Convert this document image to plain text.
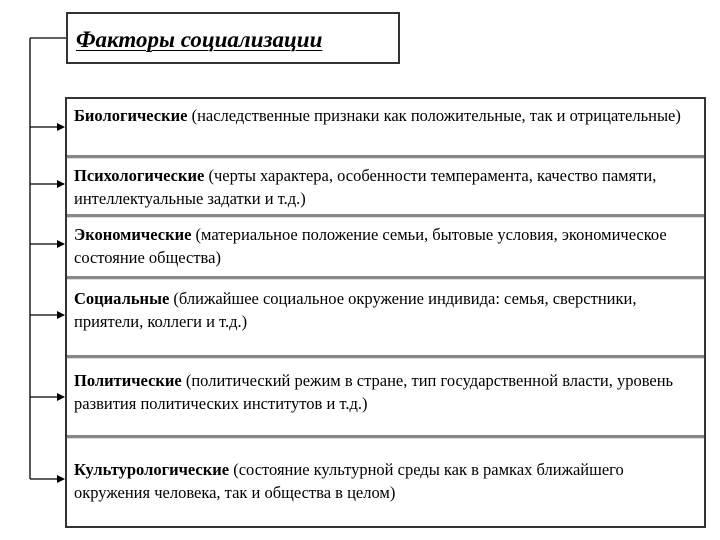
Факторы социализации
Биологические (наследственные признаки как положительные, так и отрицательные)
Психологические (черты характера, особенности темперамента, качество памяти, интеллектуальные задатки и т.д.)
Экономические (материальное положение семьи, бытовые условия, экономическое состояние общества)
Социальные (ближайшее социальное окружение индивида: семья, сверстники, приятели, коллеги и т.д.)
Политические (политический режим в стране, тип государственной власти, уровень развития политических институтов и т.д.)
Культурологические (состояние культурной среды как в рамках ближайшего окружения человека, так и общества в целом)
